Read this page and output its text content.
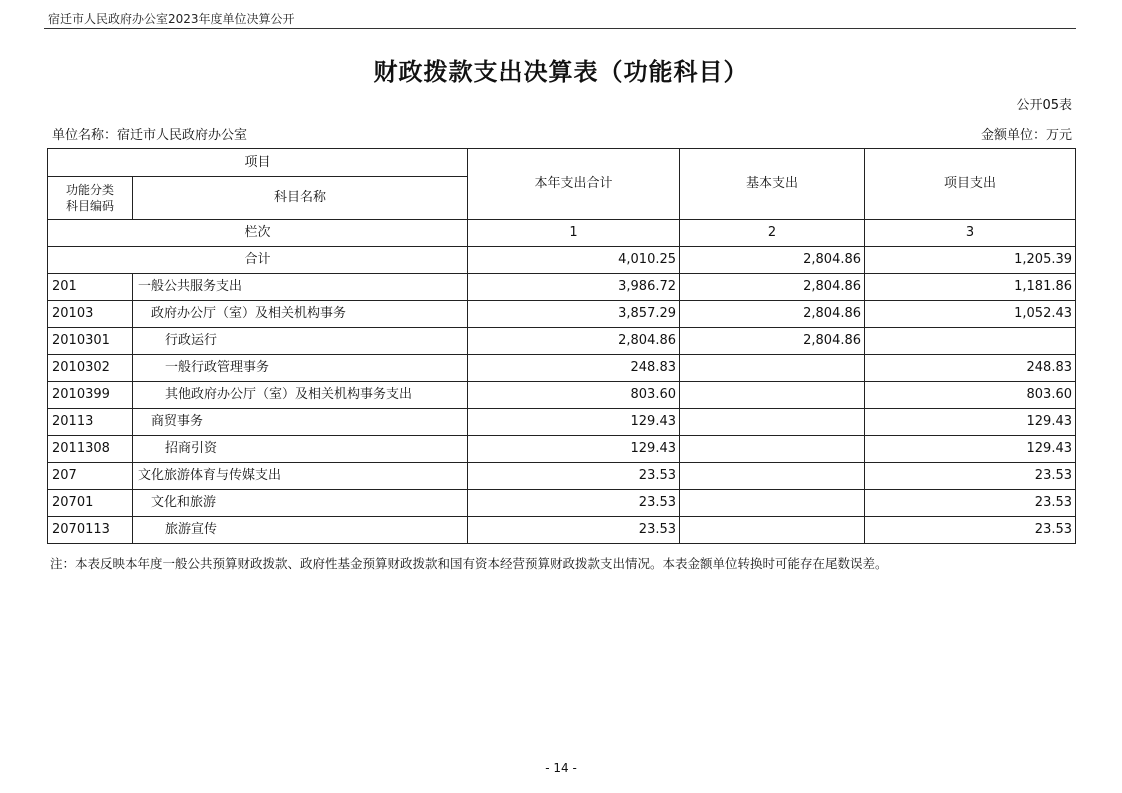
宿迁市人民政府办公室2023年度单位决算公开
财政拨款支出决算表（功能科目）
公开05表
单位名称：宿迁市人民政府办公室	金额单位：万元
项目		本年支出合计	基本支出	项目支出

功能分类
科目编码	科目名称			
栏次		1	2	3
合计		4,010.25	2,804.86	1,205.39
201	一般公共服务支出	3,986.72	2,804.86	1,181.86
20103	政府办公厅（室）及相关机构事务	3,857.29	2,804.86	1,052.43
2010301	行政运行	2,804.86	2,804.86	
2010302	一般行政管理事务	248.83		248.83
2010399	其他政府办公厅（室）及相关机构事务支出	803.60		803.60
20113	商贸事务	129.43		129.43
2011308	招商引资	129.43		129.43
207	文化旅游体育与传媒支出	23.53		23.53
20701	文化和旅游	23.53		23.53
2070113	旅游宣传	23.53		23.53
注：本表反映本年度一般公共预算财政拨款、政府性基金预算财政拨款和国有资本经营预算财政拨款支出情况。本表金额单位转换时可能存在尾数误差。
- 14 -
